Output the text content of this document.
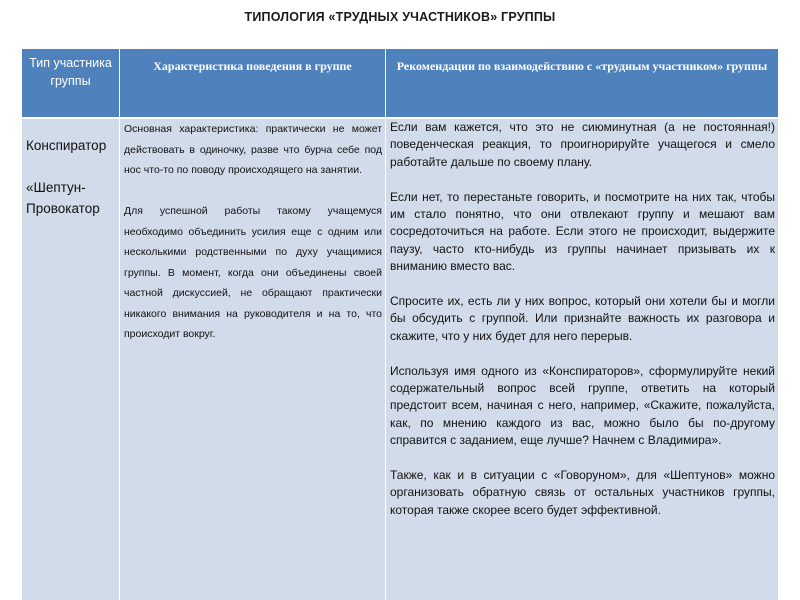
ТИПОЛОГИЯ «ТРУДНЫХ УЧАСТНИКОВ» ГРУППЫ
Тип участника группы
Характеристика поведения в группе	Рекомендации по взаимодействию с «трудным участником» группы

Конспиратор

«Шептун-Провокатор

Основная характеристика: практически не может действовать в одиночку, разве что бурча себе под нос что-то по поводу происходящего на занятии.

Для успешной работы такому учащемуся необходимо объединить усилия еще с одним или несколькими родственными по духу учащимися группы. В момент, когда они объединены своей частной дискуссией, не обращают практически никакого внимания на руководителя и на то, что происходит вокруг.

Если вам кажется, что это не сиюминутная (а не постоянная!) поведенческая реакция, то проигнорируйте учащегося и смело работайте дальше по своему плану.

Если нет, то перестаньте говорить, и посмотрите на них так, чтобы им стало понятно, что они отвлекают группу и мешают вам сосредоточиться на работе. Если этого не происходит, выдержите паузу, часто кто-нибудь из группы начинает призывать их к вниманию вместо вас.

Спросите их, есть ли у них вопрос, который они хотели бы и могли бы обсудить с группой. Или признайте важность их разговора и скажите, что у них будет для него перерыв.

Используя имя одного из «Конспираторов», сформулируйте некий содержательный вопрос всей группе, ответить на который предстоит всем, начиная с него, например, «Скажите, пожалуйста, как, по мнению каждого из вас, можно было бы по-другому справится с заданием, еще лучше? Начнем с Владимира».

Также, как и в ситуации с «Говоруном», для «Шептунов» можно организовать обратную связь от остальных участников группы, которая также скорее всего будет эффективной.
